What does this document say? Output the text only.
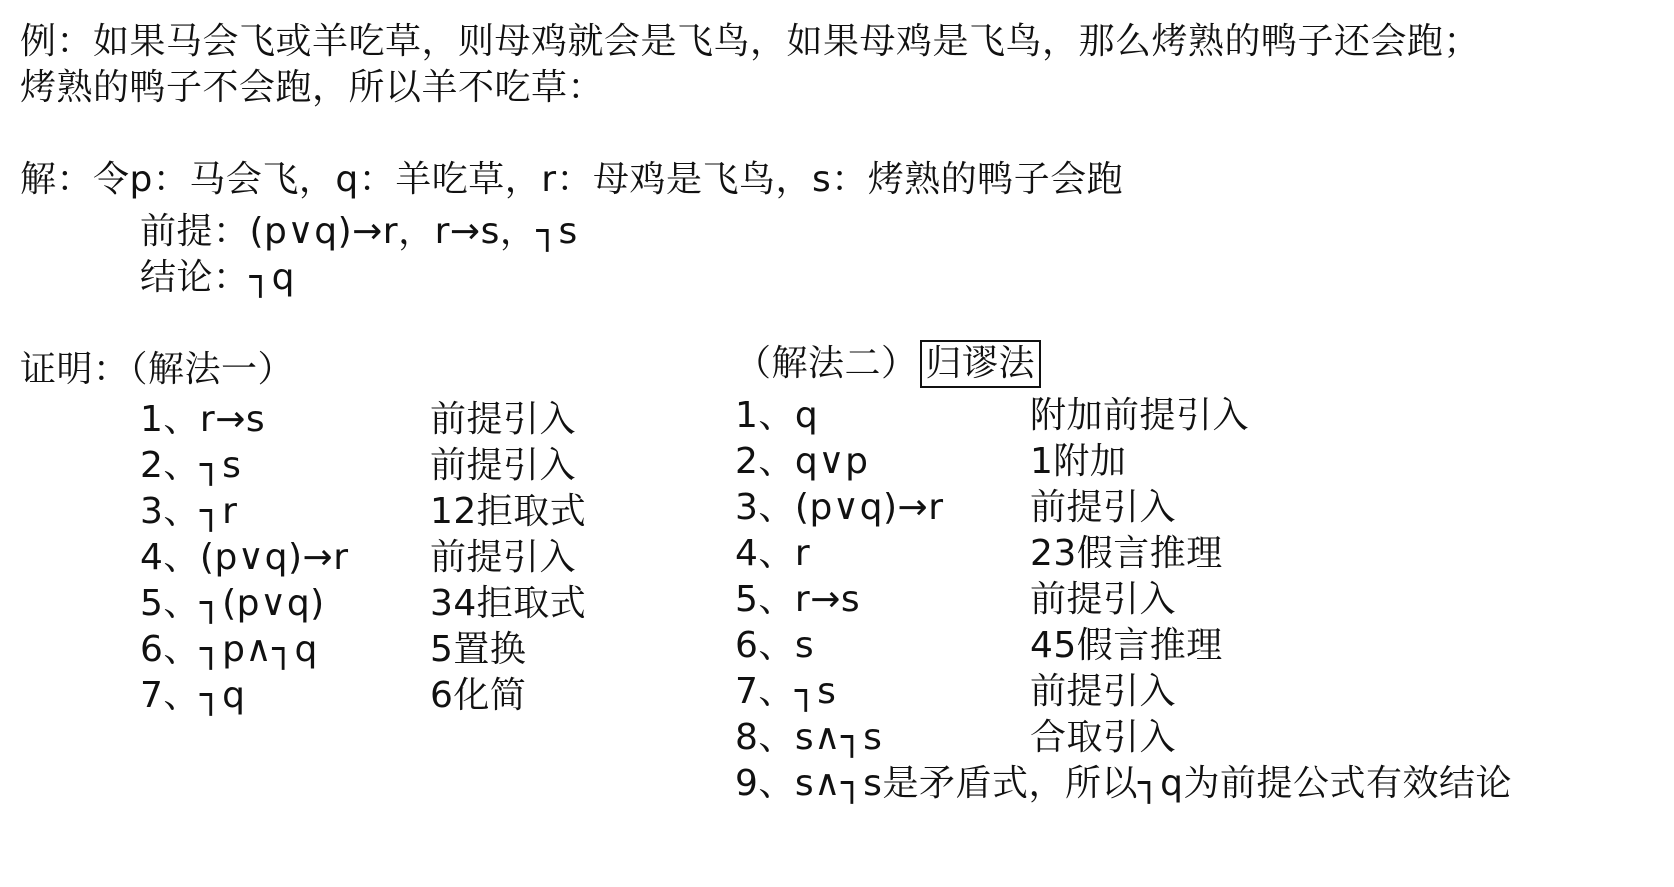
例：如果马会飞或羊吃草，则母鸡就会是飞鸟，如果母鸡是飞鸟，那么烤熟的鸭子还会跑；
烤熟的鸭子不会跑，所以羊不吃草：
解：令p：马会飞，q：羊吃草，r：母鸡是飞鸟，s：烤熟的鸭子会跑
前提：(p∨q)→r，r→s，┐s
结论：┐q
证明：（解法一）
1、r→s	前提引入
2、┐s	前提引入
3、┐r	12拒取式
4、(p∨q)→r 前提引入
5、┐(p∨q)	34拒取式
6、┐p∧┐q	5置换
7、┐q	6化简
（解法二） 归谬法
1、q	附加前提引入
2、q∨p	1附加
3、(p∨q)→r 前提引入
4、r	23假言推理
5、r→s	前提引入
6、s	45假言推理
7、┐s	前提引入
8、s∧┐s	合取引入
9、s∧┐s是矛盾式，所以┐q为前提公式有效结论
